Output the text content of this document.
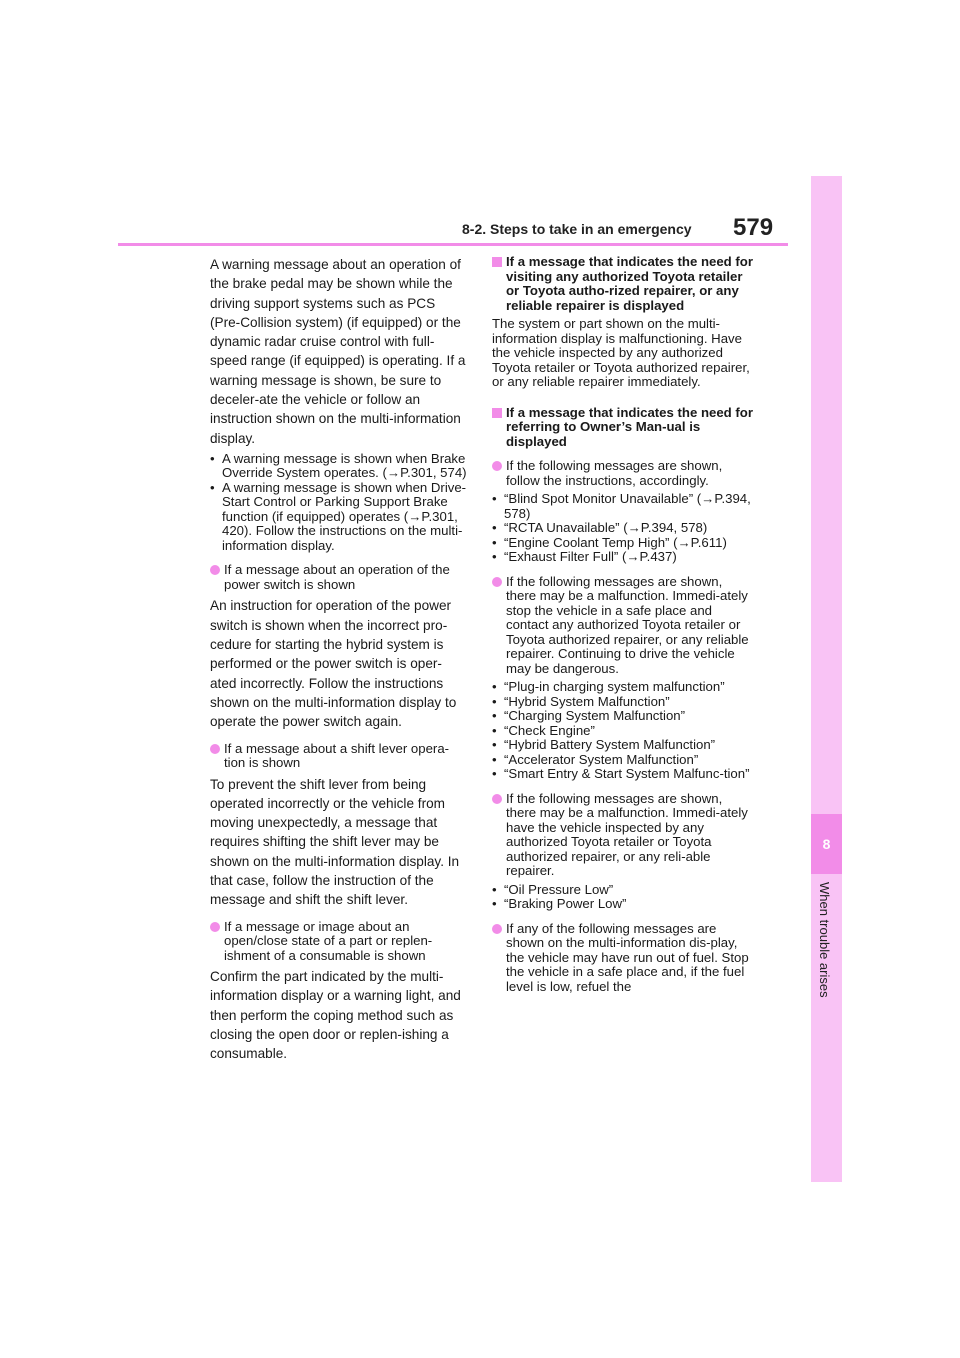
8-2. Steps to take in an emergency 579
8
When trouble arises

A warning message about an operation of the brake pedal may be shown while the driving support systems such as PCS (Pre-Collision system) (if equipped) or the dynamic radar cruise control with full-speed range (if equipped) is operating. If a warning message is shown, be sure to deceler-ate the vehicle or follow an instruction shown on the multi-information display.

• A warning message is shown when Brake Override System operates. (→P.301, 574)
• A warning message is shown when Drive-Start Control or Parking Support Brake function (if equipped) operates (→P.301, 420). Follow the instructions on the multi-information display.
If a message about an operation of the power switch is shown

An instruction for operation of the power switch is shown when the incorrect pro-cedure for starting the hybrid system is performed or the power switch is oper-ated incorrectly. Follow the instructions shown on the multi-information display to operate the power switch again.

If a message about a shift lever opera-tion is shown

To prevent the shift lever from being operated incorrectly or the vehicle from moving unexpectedly, a message that requires shifting the shift lever may be shown on the multi-information display. In that case, follow the instruction of the message and shift the shift lever.

If a message or image about an open/close state of a part or replen-ishment of a consumable is shown

Confirm the part indicated by the multi-information display or a warning light, and then perform the coping method such as closing the open door or replen-ishing a consumable.

If a message that indicates the need for visiting any authorized Toyota retailer or Toyota autho-rized repairer, or any reliable repairer is displayed

The system or part shown on the multi-information display is malfunctioning. Have the vehicle inspected by any authorized Toyota retailer or Toyota authorized repairer, or any reliable repairer immediately.

If a message that indicates the need for referring to Owner’s Man-ual is displayed
If the following messages are shown, follow the instructions, accordingly.
• “Blind Spot Monitor Unavailable” (→P.394, 578)
• “RCTA Unavailable” (→P.394, 578)
• “Engine Coolant Temp High” (→P.611)
• “Exhaust Filter Full” (→P.437)
If the following messages are shown, there may be a malfunction. Immedi-ately stop the vehicle in a safe place and contact any authorized Toyota retailer or Toyota authorized repairer, or any reliable repairer. Continuing to drive the vehicle may be dangerous.
• “Plug-in charging system malfunction”
• “Hybrid System Malfunction”
• “Charging System Malfunction”
• “Check Engine”
• “Hybrid Battery System Malfunction”
• “Accelerator System Malfunction”
• “Smart Entry & Start System Malfunc-tion”
If the following messages are shown, there may be a malfunction. Immedi-ately have the vehicle inspected by any authorized Toyota retailer or Toyota authorized repairer, or any reli-able repairer.
• “Oil Pressure Low”
• “Braking Power Low”
If any of the following messages are shown on the multi-information dis-play, the vehicle may have run out of fuel. Stop the vehicle in a safe place and, if the fuel level is low, refuel the
